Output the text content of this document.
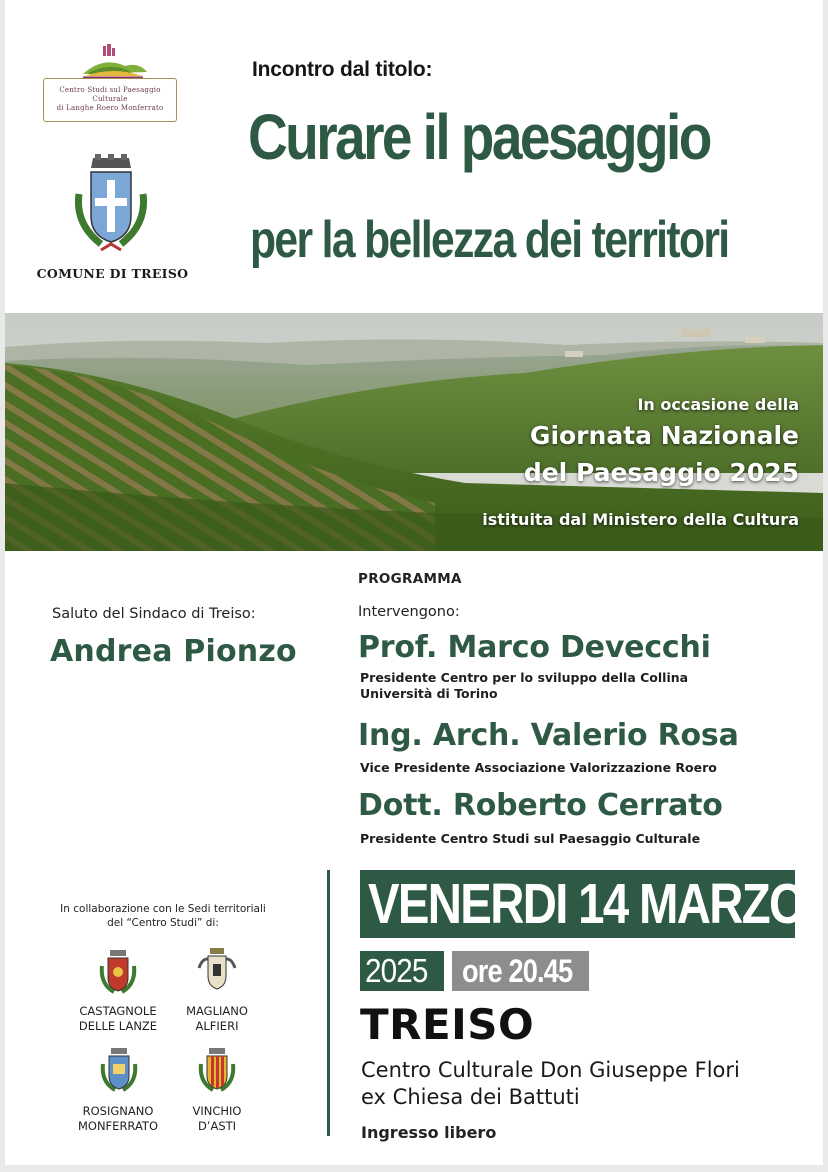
Centro Studi sul Paesaggio Culturale
di Langhe Roero Monferrato
COMUNE DI TREISO
Incontro dal titolo:
Curare il paesaggio
per la bellezza dei territori
In occasione della
Giornata Nazionale
del Paesaggio 2025
istituita dal Ministero della Cultura
PROGRAMMA
Saluto del Sindaco di Treiso:
Andrea Pionzo
Intervengono:
Prof. Marco Devecchi
Presidente Centro per lo sviluppo della Collina
Università di Torino
Ing. Arch. Valerio Rosa
Vice Presidente Associazione Valorizzazione Roero
Dott. Roberto Cerrato
Presidente Centro Studi sul Paesaggio Culturale
In collaborazione con le Sedi territoriali
del “Centro Studi” di:
CASTAGNOLE
DELLE LANZE
MAGLIANO
ALFIERI
ROSIGNANO
MONFERRATO
VINCHIO
D’ASTI
VENERDI 14 MARZO
2025 ore 20.45
TREISO
Centro Culturale Don Giuseppe Flori
ex Chiesa dei Battuti
Ingresso libero
